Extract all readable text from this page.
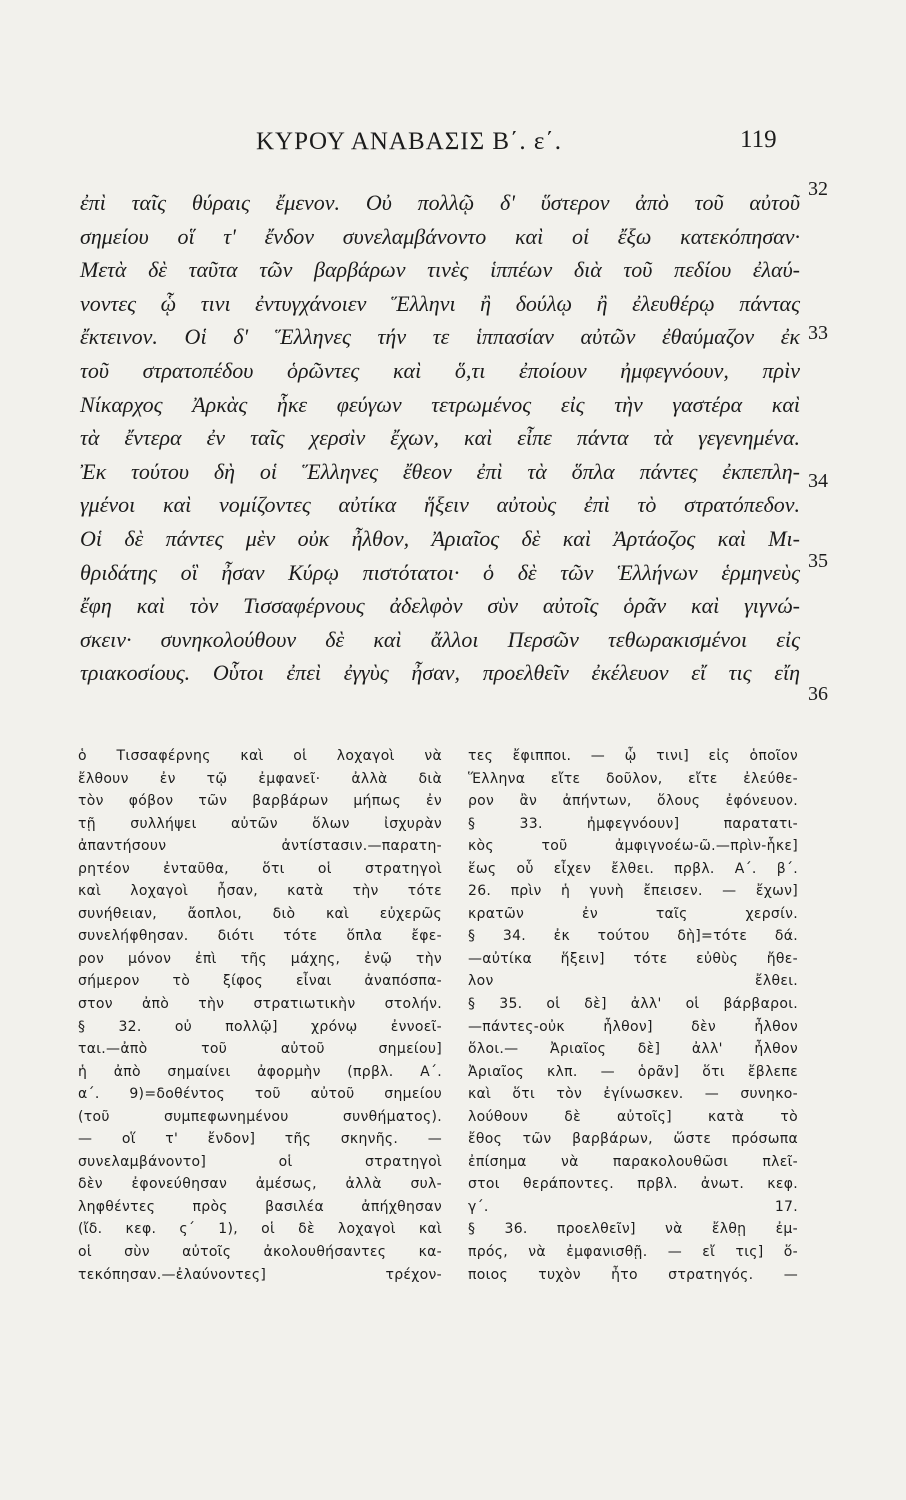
ΚΥΡΟΥ ΑΝΑΒΑΣΙΣ Β΄. ε΄.	119
ἐπὶ ταῖς θύραις ἔμενον. Οὐ πολλῷ δ' ὕστερον ἀπὸ τοῦ αὐτοῦ
σημείου οἵ τ' ἔνδον συνελαμβάνοντο καὶ οἱ ἔξω κατεκόπησαν·
Μετὰ δὲ ταῦτα τῶν βαρβάρων τινὲς ἱππέων διὰ τοῦ πεδίου ἐλαύ-
νοντες ᾧ τινι ἐντυγχάνοιεν Ἕλληνι ἢ δούλῳ ἢ ἐλευθέρῳ πάντας
ἔκτεινον. Οἱ δ' Ἕλληνες τήν τε ἱππασίαν αὐτῶν ἐθαύμαζον ἐκ
τοῦ στρατοπέδου ὁρῶντες καὶ ὅ,τι ἐποίουν ἠμφεγνόουν, πρὶν
Νίκαρχος Ἀρκὰς ἧκε φεύγων τετρωμένος εἰς τὴν γαστέρα καὶ
τὰ ἔντερα ἐν ταῖς χερσὶν ἔχων, καὶ εἶπε πάντα τὰ γεγενημένα.
Ἐκ τούτου δὴ οἱ Ἕλληνες ἔθεον ἐπὶ τὰ ὅπλα πάντες ἐκπεπλη-
γμένοι καὶ νομίζοντες αὐτίκα ἥξειν αὐτοὺς ἐπὶ τὸ στρατόπεδον.
Οἱ δὲ πάντες μὲν οὐκ ἦλθον, Ἀριαῖος δὲ καὶ Ἀρτάοζος καὶ Μι-
θριδάτης οἳ ἦσαν Κύρῳ πιστότατοι· ὁ δὲ τῶν Ἑλλήνων ἑρμηνεὺς
ἔφη καὶ τὸν Τισσαφέρνους ἀδελφὸν σὺν αὐτοῖς ὁρᾶν καὶ γιγνώ-
σκειν· συνηκολούθουν δὲ καὶ ἄλλοι Περσῶν τεθωρακισμένοι εἰς
τριακοσίους. Οὗτοι ἐπεὶ ἐγγὺς ἦσαν, προελθεῖν ἐκέλευον εἴ τις εἴη
32
33
34
35
36
ὁ Τισσαφέρνης καὶ οἱ λοχαγοὶ νὰ
ἔλθουν ἐν τῷ ἐμφανεῖ· ἀλλὰ διὰ
τὸν φόβον τῶν βαρβάρων μήπως ἐν
τῇ συλλήψει αὐτῶν ὅλων ἰσχυρὰν
ἀπαντήσουν ἀντίστασιν.—παρατη-
ρητέον ἐνταῦθα, ὅτι οἱ στρατηγοὶ
καὶ λοχαγοὶ ἦσαν, κατὰ τὴν τότε
συνήθειαν, ἄοπλοι, διὸ καὶ εὐχερῶς
συνελήφθησαν. διότι τότε ὅπλα ἔφε-
ρον μόνον ἐπὶ τῆς μάχης, ἐνῷ τὴν
σήμερον τὸ ξίφος εἶναι ἀναπόσπα-
στον ἀπὸ τὴν στρατιωτικὴν στολήν.
§ 32. οὐ πολλῷ] χρόνῳ ἐννοεῖ-
ται.—ἀπὸ τοῦ αὐτοῦ σημείου]
ἡ ἀπὸ σημαίνει ἀφορμὴν (πρβλ. Α΄.
α΄. 9)=δοθέντος τοῦ αὐτοῦ σημείου
(τοῦ συμπεφωνημένου συνθήματος).
— οἵ τ' ἔνδον] τῆς σκηνῆς. —
συνελαμβάνοντο] οἱ στρατηγοὶ
δὲν ἐφονεύθησαν ἀμέσως, ἀλλὰ συλ-
ληφθέντες πρὸς βασιλέα ἀπήχθησαν
(ἴδ. κεφ. ς΄ 1), οἱ δὲ λοχαγοὶ καὶ
οἱ σὺν αὐτοῖς ἀκολουθήσαντες κα-
τεκόπησαν.—ἐλαύνοντες] τρέχον-
τες ἔφιπποι. — ᾧ τινι] εἰς ὁποῖον
Ἕλληνα εἴτε δοῦλον, εἴτε ἐλεύθε-
ρον ἂν ἀπήντων, ὅλους ἐφόνευον.
§ 33. ἠμφεγνόουν] παρατατι-
κὸς τοῦ ἀμφιγνοέω-ῶ.—πρὶν-ἧκε]
ἕως οὗ εἶχεν ἔλθει. πρβλ. Α΄. β΄.
26. πρὶν ἡ γυνὴ ἔπεισεν. — ἔχων]
κρατῶν ἐν ταῖς χερσίν.
§ 34. ἐκ τούτου δὴ]=τότε δά.
—αὐτίκα ἥξειν] τότε εὐθὺς ἤθε-
λον ἔλθει.
§ 35. οἱ δὲ] ἀλλ' οἱ βάρβαροι.
—πάντες-οὐκ ἦλθον] δὲν ἦλθον
ὅλοι.— Ἀριαῖος δὲ] ἀλλ' ἦλθον
Ἀριαῖος κλπ. — ὁρᾶν] ὅτι ἔβλεπε
καὶ ὅτι τὸν ἐγίνωσκεν. — συνηκο-
λούθουν δὲ αὐτοῖς] κατὰ τὸ
ἔθος τῶν βαρβάρων, ὥστε πρόσωπα
ἐπίσημα νὰ παρακολουθῶσι πλεῖ-
στοι θεράποντες. πρβλ. ἀνωτ. κεφ.
γ΄. 17.
§ 36. προελθεῖν] νὰ ἔλθῃ ἐμ-
πρός, νὰ ἐμφανισθῇ. — εἴ τις] ὅ-
ποιος τυχὸν ἦτο στρατηγός. —
